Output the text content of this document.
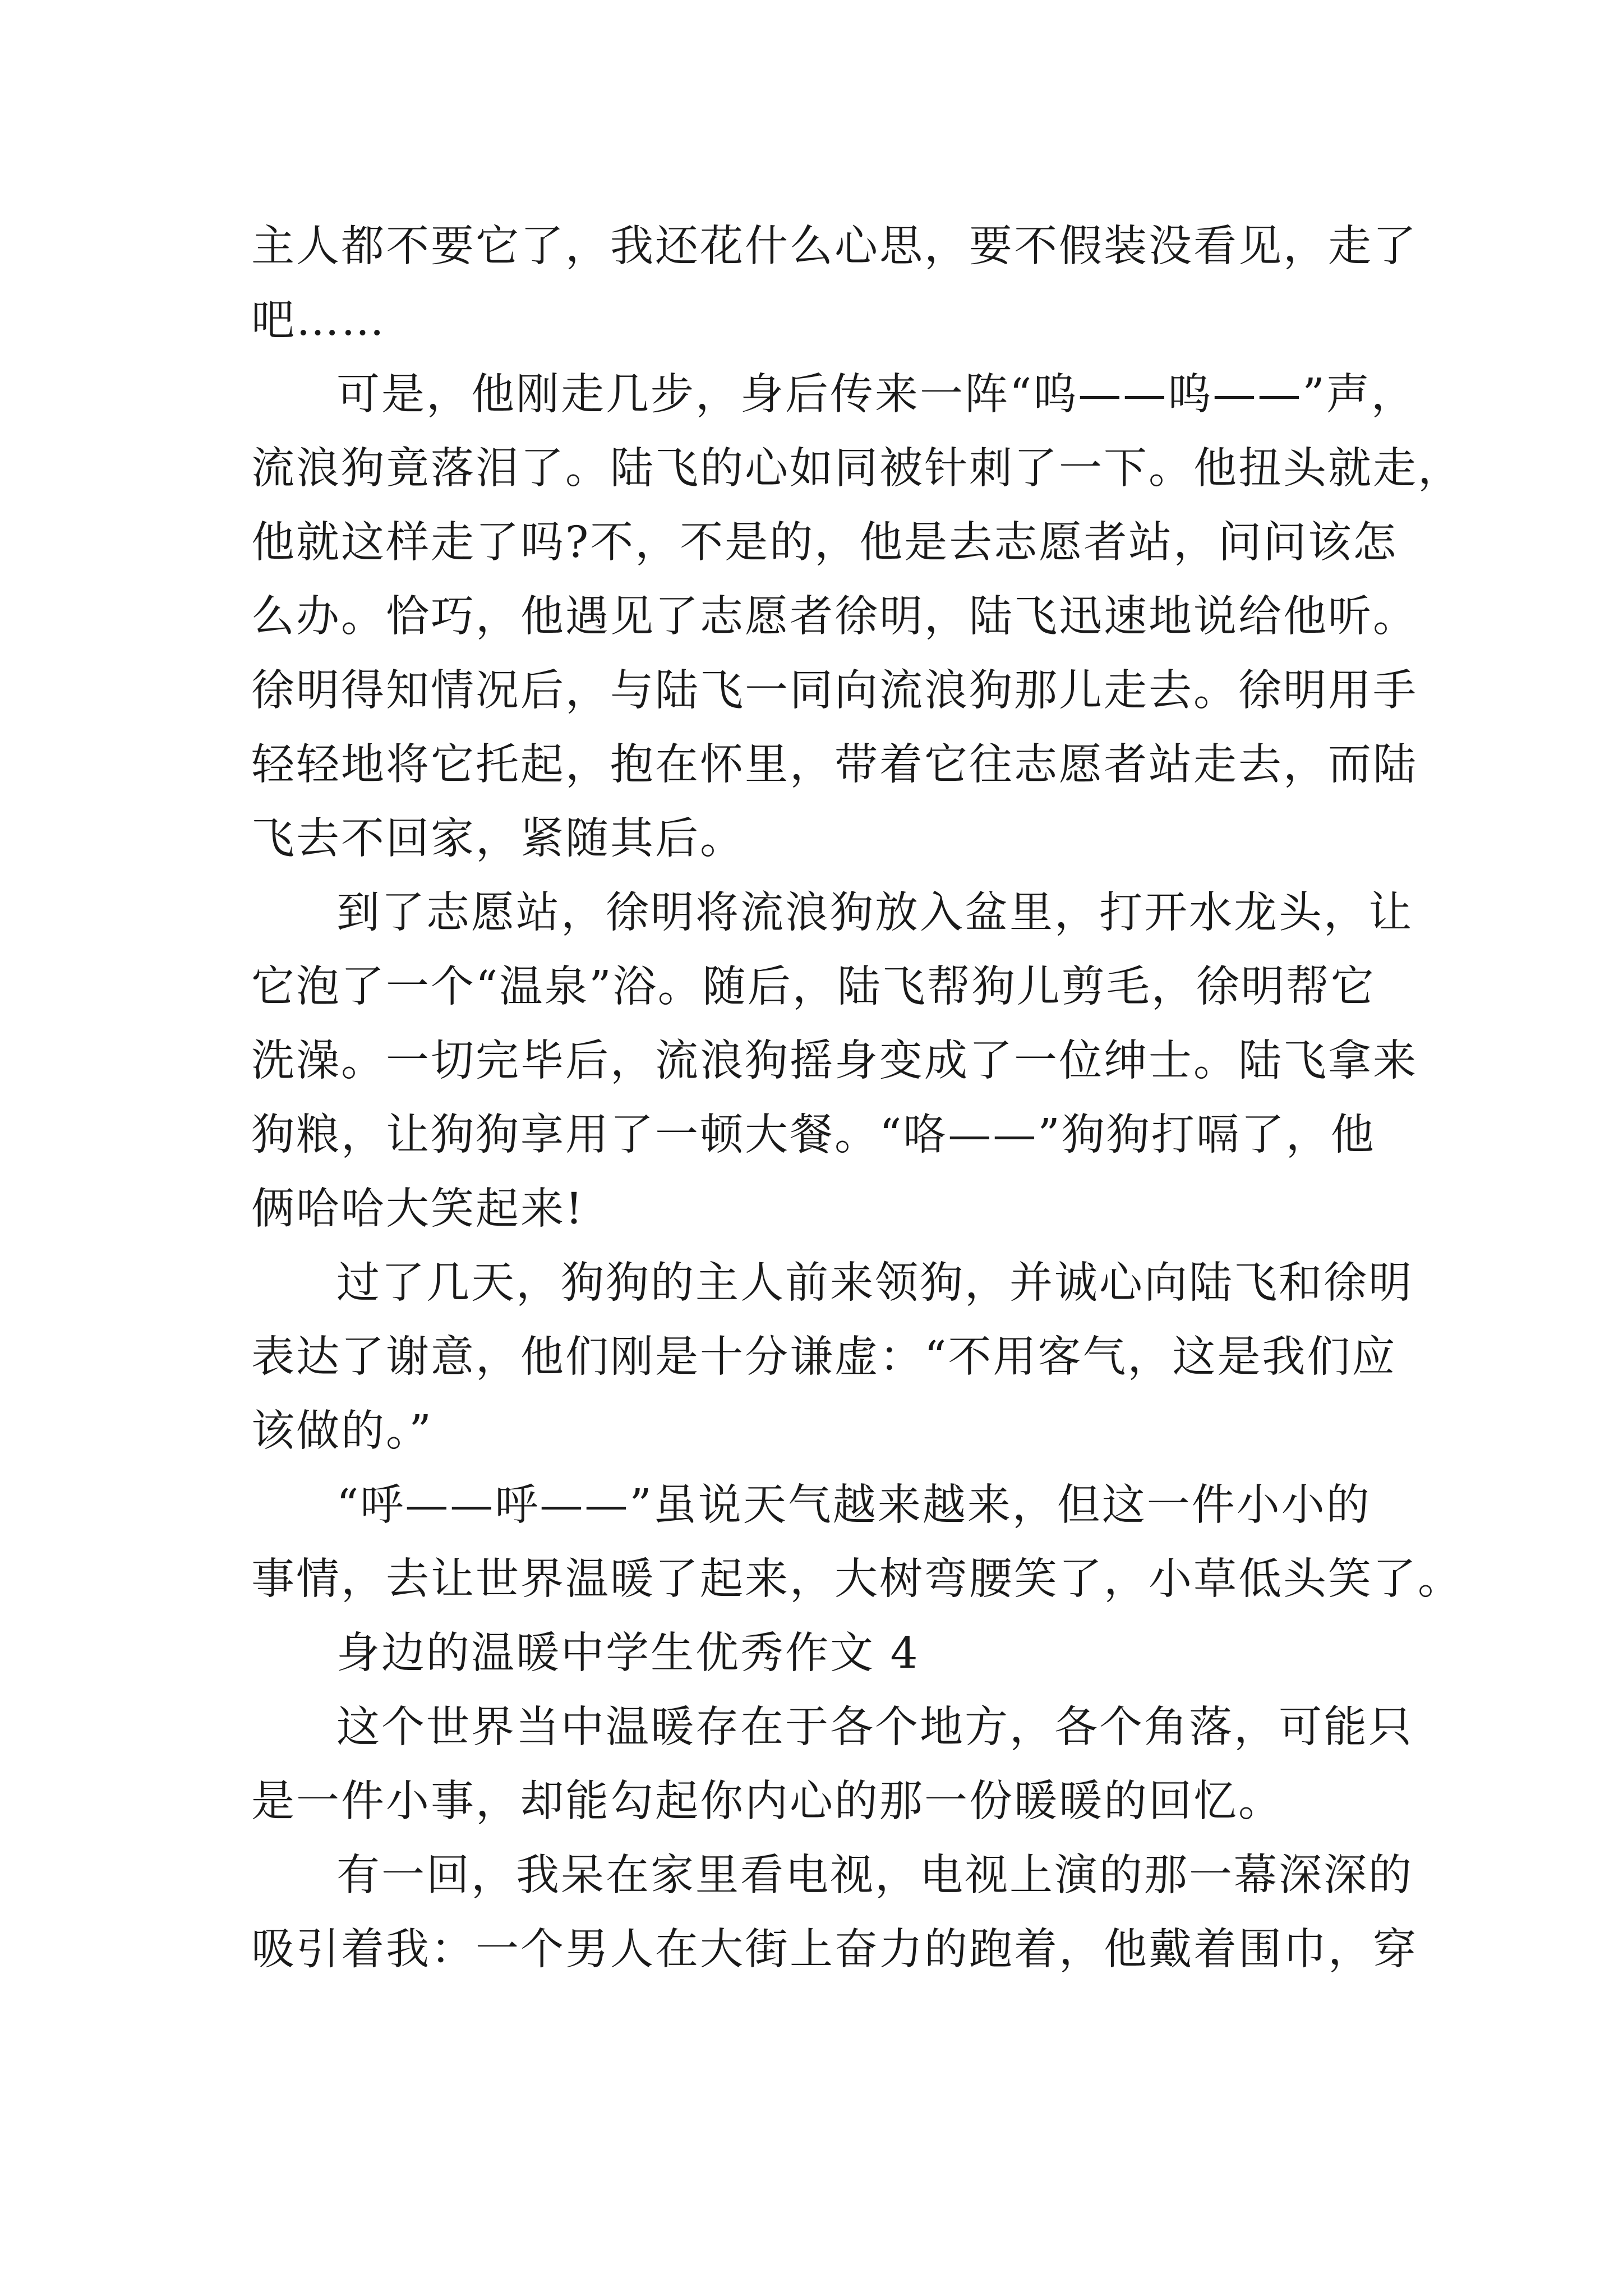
主人都不要它了，我还花什么心思，要不假装没看见，走了
吧……
可是，他刚走几步，身后传来一阵“呜——呜——”声，
流浪狗竟落泪了。陆飞的心如同被针刺了一下。他扭头就走，
他就这样走了吗?不，不是的，他是去志愿者站，问问该怎
么办。恰巧，他遇见了志愿者徐明，陆飞迅速地说给他听。
徐明得知情况后，与陆飞一同向流浪狗那儿走去。徐明用手
轻轻地将它托起，抱在怀里，带着它往志愿者站走去，而陆
飞去不回家，紧随其后。
到了志愿站，徐明将流浪狗放入盆里，打开水龙头，让
它泡了一个“温泉”浴。随后，陆飞帮狗儿剪毛，徐明帮它
洗澡。一切完毕后，流浪狗摇身变成了一位绅士。陆飞拿来
狗粮，让狗狗享用了一顿大餐。“咯——”狗狗打嗝了，他
俩哈哈大笑起来!
过了几天，狗狗的主人前来领狗，并诚心向陆飞和徐明
表达了谢意，他们刚是十分谦虚：“不用客气，这是我们应
该做的。”
“呼——呼——”虽说天气越来越来，但这一件小小的
事情，去让世界温暖了起来，大树弯腰笑了，小草低头笑了。
身边的温暖中学生优秀作文 4
这个世界当中温暖存在于各个地方，各个角落，可能只
是一件小事，却能勾起你内心的那一份暖暖的回忆。
有一回，我呆在家里看电视，电视上演的那一幕深深的
吸引着我：一个男人在大街上奋力的跑着，他戴着围巾，穿
